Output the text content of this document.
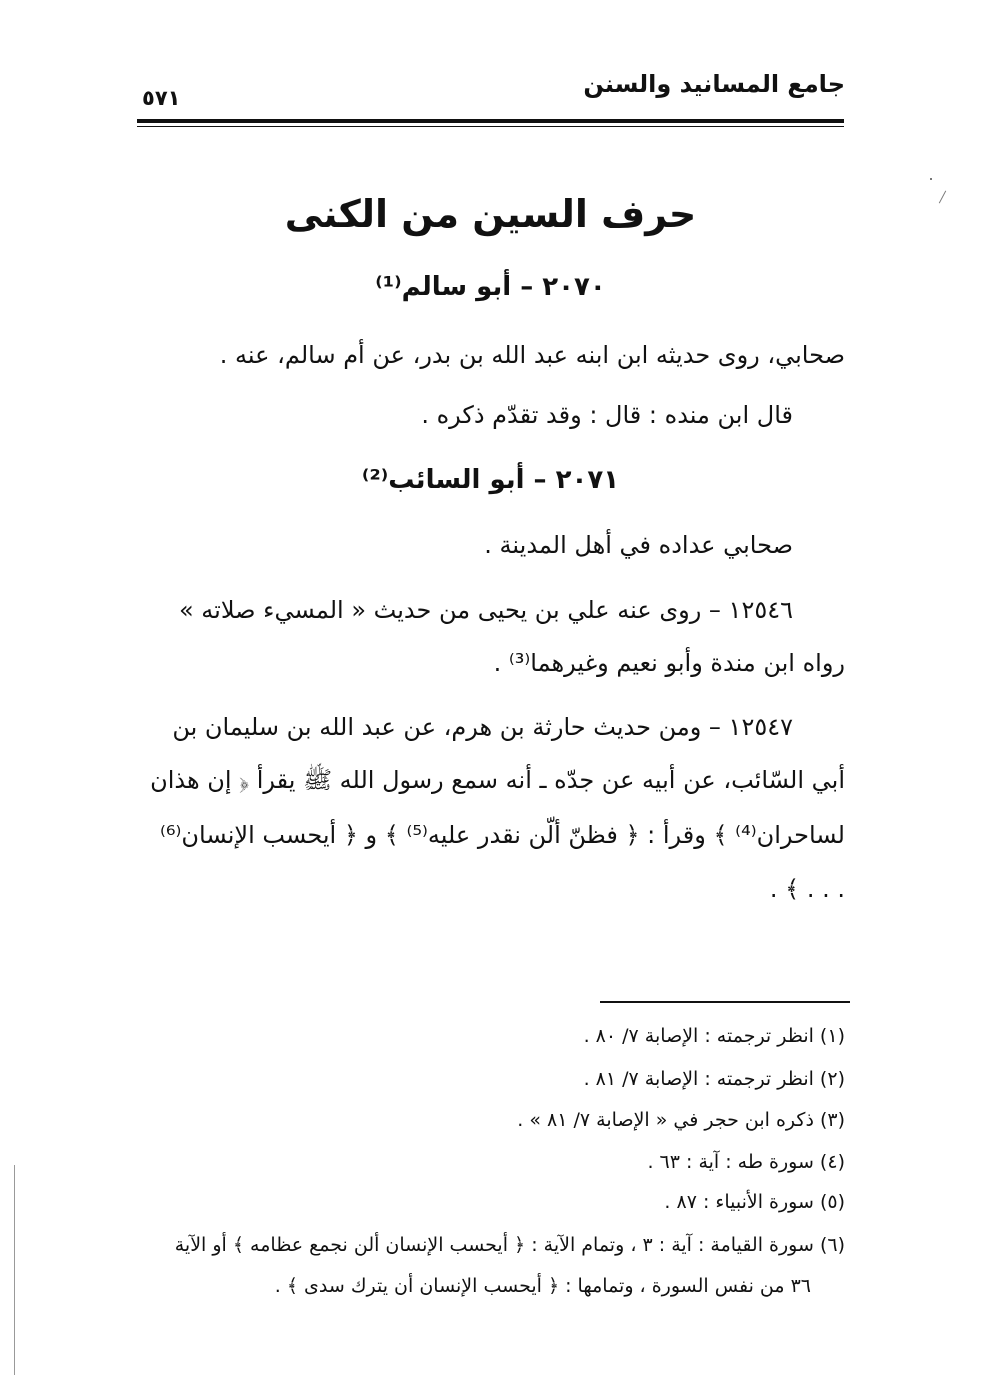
جامع المسانيد والسنن
٥٧١
حرف السين من الكنى
٢٠٧٠ – أبو سالم⁽¹⁾
صحابي، روى حديثه ابن ابنه عبد الله بن بدر، عن أم سالم، عنه .
قال ابن منده : قال : وقد تقدّم ذكره .
٢٠٧١ – أبو السائب⁽²⁾
صحابي عداده في أهل المدينة .
١٢٥٤٦ – روى عنه علي بن يحيى من حديث « المسيء صلاته »
رواه ابن مندة وأبو نعيم وغيرهما⁽³⁾ .
١٢٥٤٧ – ومن حديث حارثة بن هرم، عن عبد الله بن سليمان بن
أبي السّائب، عن أبيه عن جدّه ـ أنه سمع رسول الله ﷺ يقرأ ﴿ إن هذان
لساحران⁽⁴⁾ ﴾ وقرأ : ﴿ فظنّ ألّن نقدر عليه⁽⁵⁾ ﴾ و ﴿ أيحسب الإنسان⁽⁶⁾
. . . ﴾ .
(١) انظر ترجمته : الإصابة ٧/ ٨٠ .
(٢) انظر ترجمته : الإصابة ٧/ ٨١ .
(٣) ذكره ابن حجر في « الإصابة ٧/ ٨١ » .
(٤) سورة طه : آية : ٦٣ .
(٥) سورة الأنبياء : ٨٧ .
(٦) سورة القيامة : آية : ٣ ، وتمام الآية : ﴿ أيحسب الإنسان ألن نجمع عظامه ﴾ أو الآية
٣٦ من نفس السورة ، وتمامها : ﴿ أيحسب الإنسان أن يترك سدى ﴾ .
